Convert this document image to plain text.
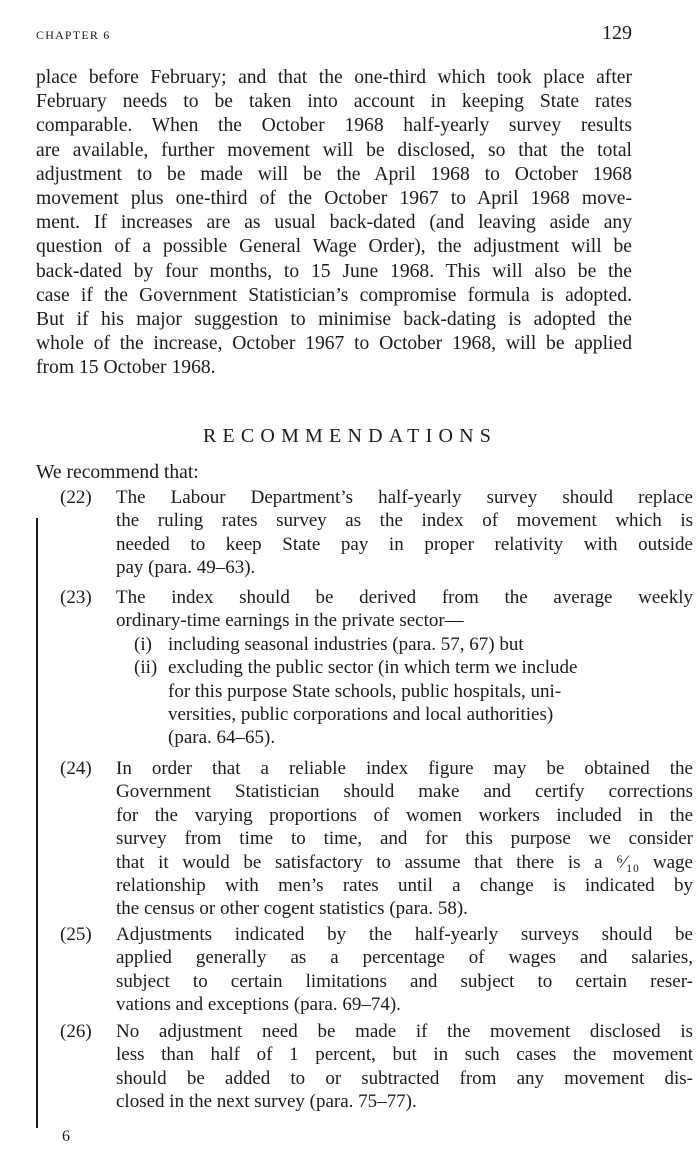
CHAPTER 6	129

place before February; and that the one-third which took place after
February needs to be taken into account in keeping State rates
comparable. When the October 1968 half-yearly survey results
are available, further movement will be disclosed, so that the total
adjustment to be made will be the April 1968 to October 1968
movement plus one-third of the October 1967 to April 1968 move-
ment. If increases are as usual back-dated (and leaving aside any
question of a possible General Wage Order), the adjustment will be
back-dated by four months, to 15 June 1968. This will also be the
case if the Government Statistician’s compromise formula is adopted.
But if his major suggestion to minimise back-dating is adopted the
whole of the increase, October 1967 to October 1968, will be applied
from 15 October 1968.

RECOMMENDATIONS

We recommend that:

(22) The Labour Department’s half-yearly survey should replace
the ruling rates survey as the index of movement which is
needed to keep State pay in proper relativity with outside
pay (para. 49–63).
(23) The index should be derived from the average weekly
ordinary-time earnings in the private sector—
(i) including seasonal industries (para. 57, 67) but
(ii) excluding the public sector (in which term we include
for this purpose State schools, public hospitals, uni-
versities, public corporations and local authorities)
(para. 64–65).
(24) In order that a reliable index figure may be obtained the
Government Statistician should make and certify corrections
for the varying proportions of women workers included in the
survey from time to time, and for this purpose we consider
that it would be satisfactory to assume that there is a ⁶⁄₁₀ wage
relationship with men’s rates until a change is indicated by
the census or other cogent statistics (para. 58).
(25) Adjustments indicated by the half-yearly surveys should be
applied generally as a percentage of wages and salaries,
subject to certain limitations and subject to certain reser-
vations and exceptions (para. 69–74).
(26) No adjustment need be made if the movement disclosed is
less than half of 1 percent, but in such cases the movement
should be added to or subtracted from any movement dis-
closed in the next survey (para. 75–77).
6
